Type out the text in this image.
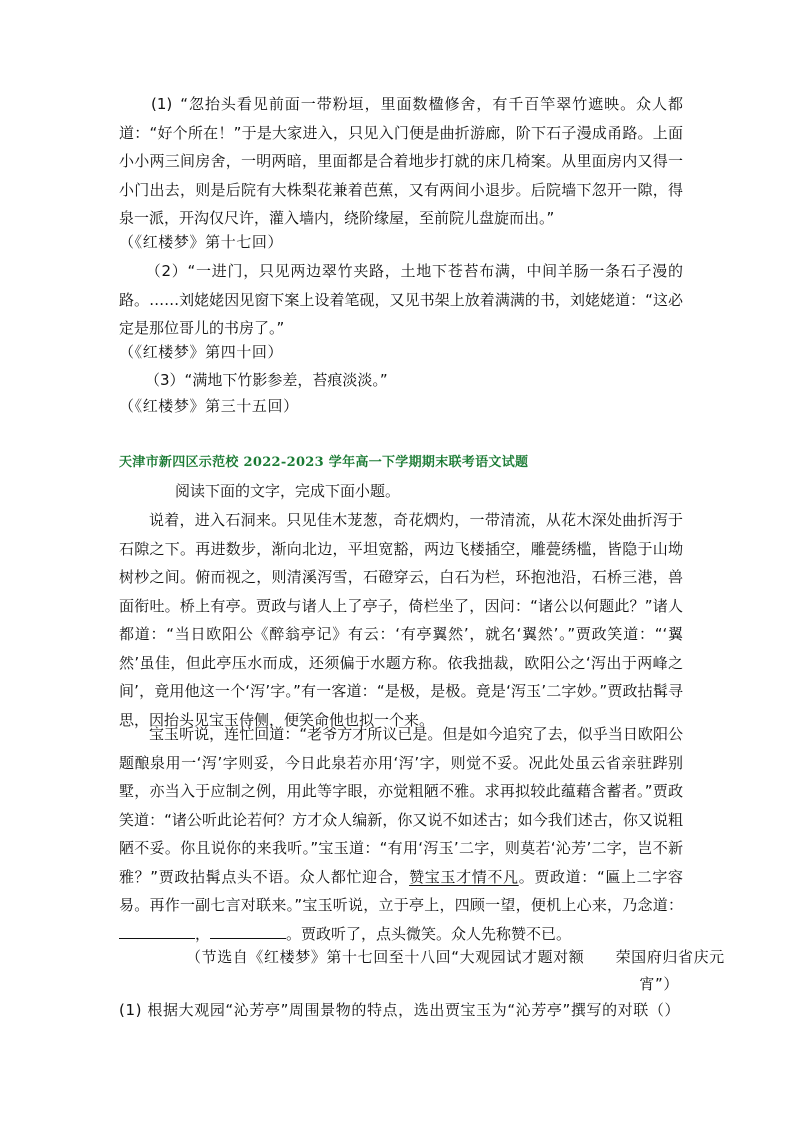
(1) “忽抬头看见前面一带粉垣，里面数楹修舍，有千百竿翠竹遮映。众人都道：“好个所在！”于是大家进入，只见入门便是曲折游廊，阶下石子漫成甬路。上面小小两三间房舍，一明两暗，里面都是合着地步打就的床几椅案。从里面房内又得一小门出去，则是后院有大株梨花兼着芭蕉，又有两间小退步。后院墙下忽开一隙，得泉一派，开沟仅尺许，灌入墙内，绕阶缘屋，至前院儿盘旋而出。”
（《红楼梦》第十七回）
（2）“一进门，只见两边翠竹夹路，土地下苍苔布满，中间羊肠一条石子漫的路。……刘姥姥因见窗下案上设着笔砚，又见书架上放着满满的书，刘姥姥道：“这必定是那位哥儿的书房了。”
（《红楼梦》第四十回）
（3）“满地下竹影参差，苔痕淡淡。”
（《红楼梦》第三十五回）
天津市新四区示范校 2022-2023 学年高一下学期期末联考语文试题
阅读下面的文字，完成下面小题。
说着，进入石洞来。只见佳木茏葱，奇花熌灼，一带清流，从花木深处曲折泻于石隙之下。再进数步，渐向北边，平坦宽豁，两边飞楼插空，雕甍绣槛，皆隐于山坳树杪之间。俯而视之，则清溪泻雪，石磴穿云，白石为栏，环抱池沿，石桥三港，兽面衔吐。桥上有亭。贾政与诸人上了亭子，倚栏坐了，因问：“诸公以何题此？”诸人都道：“当日欧阳公《醉翁亭记》有云：‘有亭翼然’，就名‘翼然’。”贾政笑道：“‘翼然’虽佳，但此亭压水而成，还须偏于水题方称。依我拙裁，欧阳公之‘泻出于两峰之间’，竟用他这一个‘泻’字。”有一客道：“是极，是极。竟是‘泻玉’二字妙。”贾政拈髯寻思，因抬头见宝玉侍侧，便笑命他也拟一个来。
宝玉听说，连忙回道：“老爷方才所议已是。但是如今追究了去，似乎当日欧阳公题酿泉用一‘泻’字则妥，今日此泉若亦用‘泻’字，则觉不妥。况此处虽云省亲驻跸别墅，亦当入于应制之例，用此等字眼，亦觉粗陋不雅。求再拟较此蕴藉含蓄者。”贾政笑道：“诸公听此论若何？方才众人编新，你又说不如述古；如今我们述古，你又说粗陋不妥。你且说你的来我听。”宝玉道：“有用‘泻玉’二字，则莫若‘沁芳’二字，岂不新雅？”贾政拈髯点头不语。众人都忙迎合，赞宝玉才情不凡。贾政道：“匾上二字容易。再作一副七言对联来。”宝玉听说，立于亭上，四顾一望，便机上心来，乃念道：，	。贾政听了，点头微笑。众人先称赞不已。
（节选自《红楼梦》第十七回至十八回“大观园试才题对额　　荣国府归省庆元
宵”）
(1) 根据大观园“沁芳亭”周围景物的特点，选出贾宝玉为“沁芳亭”撰写的对联（）
